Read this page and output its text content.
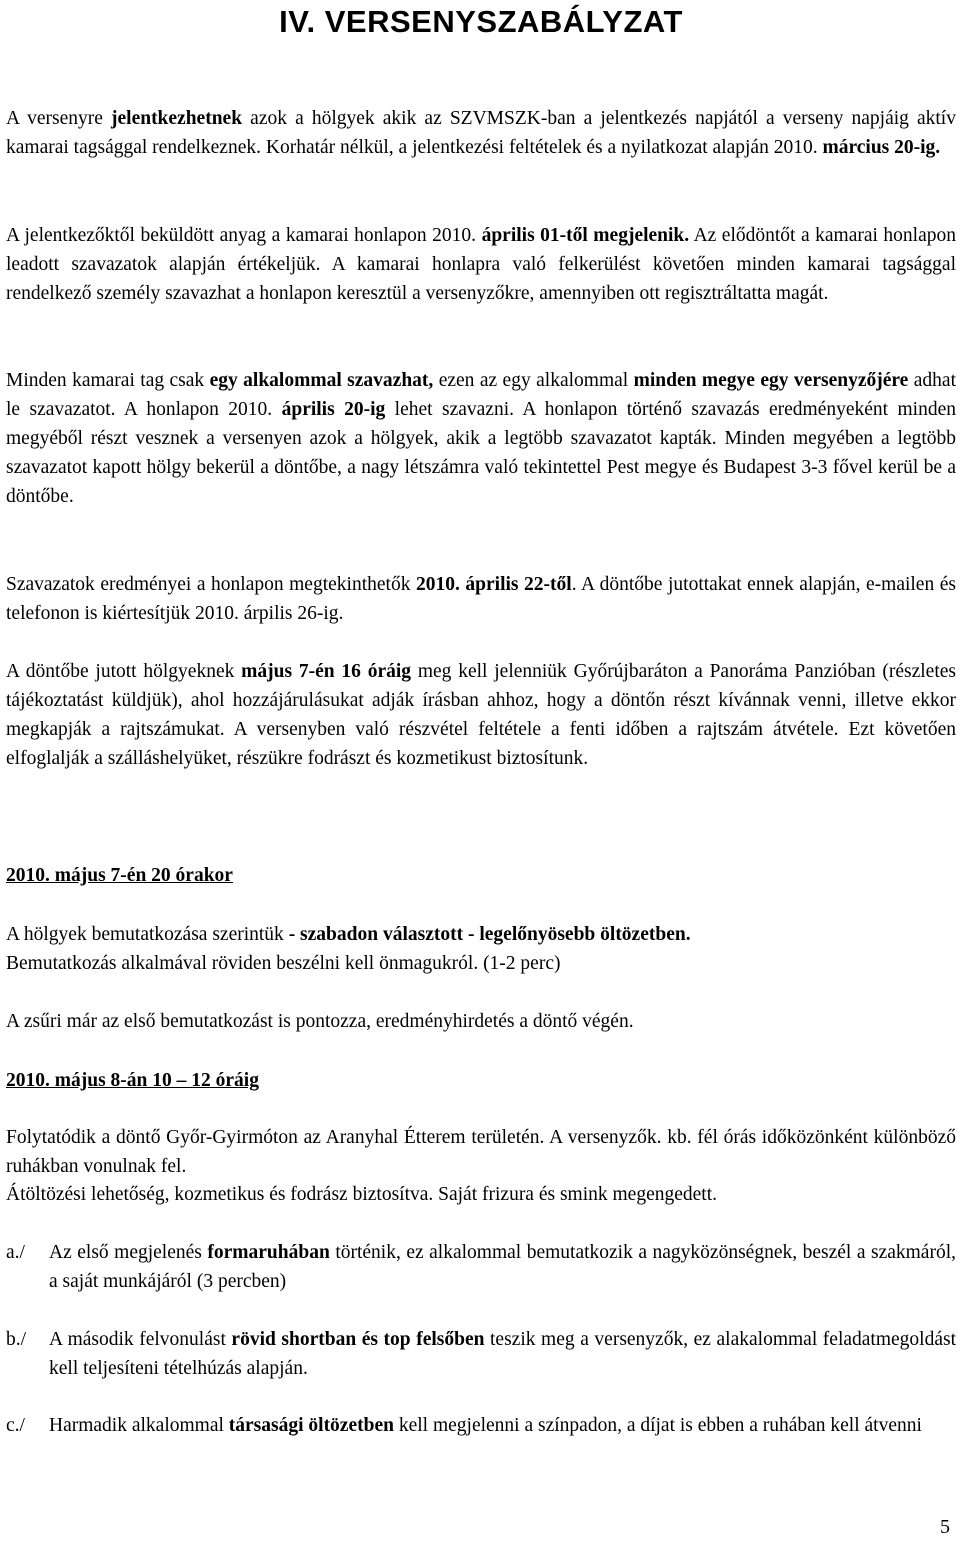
IV. VERSENYSZABÁLYZAT

A versenyre jelentkezhetnek azok a hölgyek akik az SZVMSZK-ban a jelentkezés napjától a verseny napjáig aktív kamarai tagsággal rendelkeznek. Korhatár nélkül, a jelentkezési feltételek és a nyilatkozat alapján 2010. március 20-ig.

A jelentkezőktől beküldött anyag a kamarai honlapon 2010. április 01-től megjelenik. Az elődöntőt a kamarai honlapon leadott szavazatok alapján értékeljük. A kamarai honlapra való felkerülést követően minden kamarai tagsággal rendelkező személy szavazhat a honlapon keresztül a versenyzőkre, amennyiben ott regisztráltatta magát.

Minden kamarai tag csak egy alkalommal szavazhat, ezen az egy alkalommal minden megye egy versenyzőjére adhat le szavazatot. A honlapon 2010. április 20-ig lehet szavazni. A honlapon történő szavazás eredményeként minden megyéből részt vesznek a versenyen azok a hölgyek, akik a legtöbb szavazatot kapták. Minden megyében a legtöbb szavazatot kapott hölgy bekerül a döntőbe, a nagy létszámra való tekintettel Pest megye és Budapest 3-3 fővel kerül be a döntőbe.

Szavazatok eredményei a honlapon megtekinthetők 2010. április 22-től. A döntőbe jutottakat ennek alapján, e-mailen és telefonon is kiértesítjük 2010. árpilis 26-ig.

A döntőbe jutott hölgyeknek május 7-én 16 óráig meg kell jelenniük Győrújbaráton a Panoráma Panzióban (részletes tájékoztatást küldjük), ahol hozzájárulásukat adják írásban ahhoz, hogy a döntőn részt kívánnak venni, illetve ekkor megkapják a rajtszámukat. A versenyben való részvétel feltétele a fenti időben a rajtszám átvétele. Ezt követően elfoglalják a szálláshelyüket, részükre fodrászt és kozmetikust biztosítunk.

2010. május 7-én 20 órakor

A hölgyek bemutatkozása szerintük - szabadon választott - legelőnyösebb öltözetben.

Bemutatkozás alkalmával röviden beszélni kell önmagukról. (1-2 perc)

A zsűri már az első bemutatkozást is pontozza, eredményhirdetés a döntő végén.

2010. május 8-án 10 – 12 óráig

Folytatódik a döntő Győr-Gyirmóton az Aranyhal Étterem területén. A versenyzők. kb. fél órás időközönként különböző ruhákban vonulnak fel.

Átöltözési lehetőség, kozmetikus és fodrász biztosítva. Saját frizura és smink megengedett.

a./ Az első megjelenés formaruhában történik, ez alkalommal bemutatkozik a nagyközönségnek, beszél a szakmáról, a saját munkájáról (3 percben)
b./ A második felvonulást rövid shortban és top felsőben teszik meg a versenyzők, ez alakalommal feladatmegoldást kell teljesíteni tételhúzás alapján.
c./ Harmadik alkalommal társasági öltözetben kell megjelenni a színpadon, a díjat is ebben a ruhában kell átvenni
5
